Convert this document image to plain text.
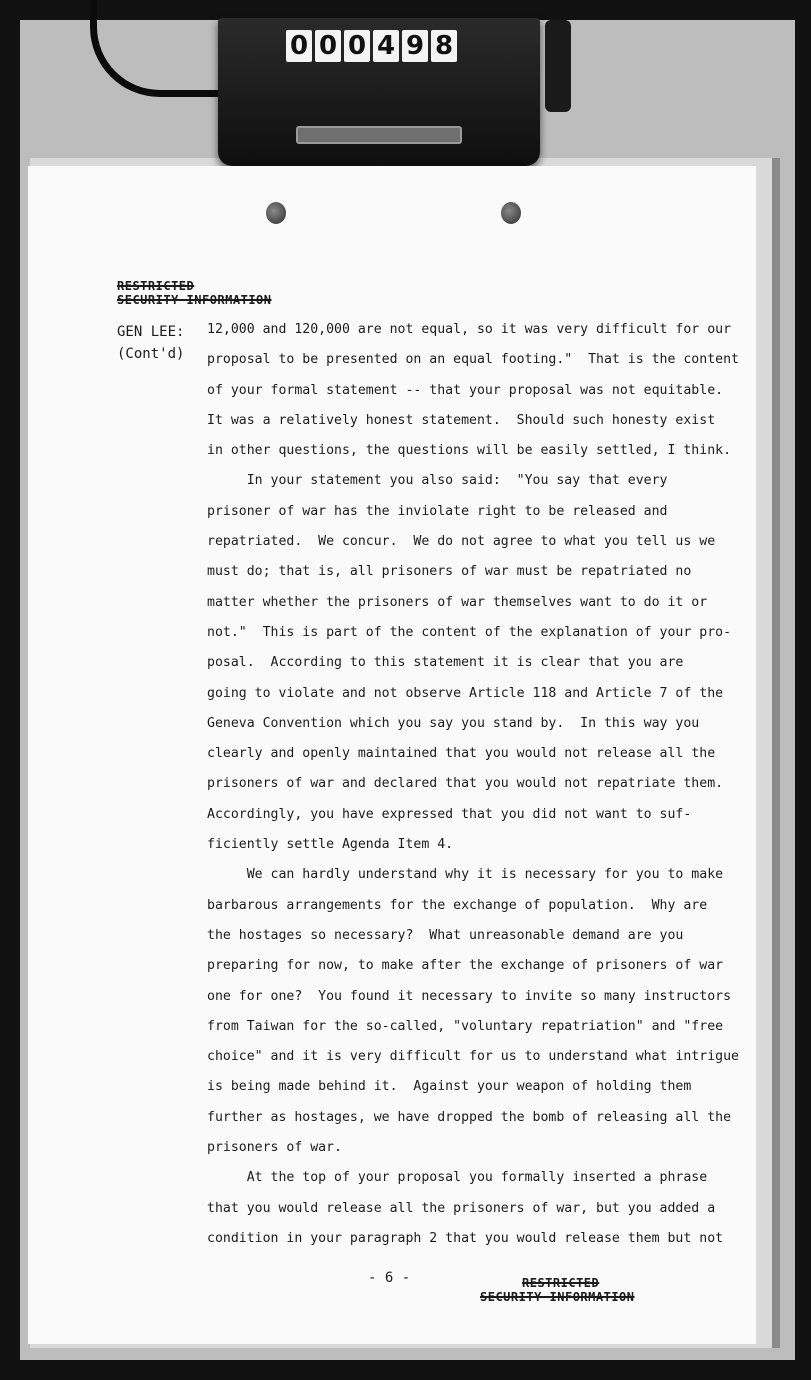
0 0 0 4 9 8
RESTRICTED
SECURITY INFORMATION
GEN LEE:
(Cont'd)
12,000 and 120,000 are not equal, so it was very difficult for our
proposal to be presented on an equal footing."  That is the content
of your formal statement -- that your proposal was not equitable.
It was a relatively honest statement.  Should such honesty exist
in other questions, the questions will be easily settled, I think.
In your statement you also said:  "You say that every
prisoner of war has the inviolate right to be released and
repatriated.  We concur.  We do not agree to what you tell us we
must do; that is, all prisoners of war must be repatriated no
matter whether the prisoners of war themselves want to do it or
not."  This is part of the content of the explanation of your pro-
posal.  According to this statement it is clear that you are
going to violate and not observe Article 118 and Article 7 of the
Geneva Convention which you say you stand by.  In this way you
clearly and openly maintained that you would not release all the
prisoners of war and declared that you would not repatriate them.
Accordingly, you have expressed that you did not want to suf-
ficiently settle Agenda Item 4.
We can hardly understand why it is necessary for you to make
barbarous arrangements for the exchange of population.  Why are
the hostages so necessary?  What unreasonable demand are you
preparing for now, to make after the exchange of prisoners of war
one for one?  You found it necessary to invite so many instructors
from Taiwan for the so-called, "voluntary repatriation" and "free
choice" and it is very difficult for us to understand what intrigue
is being made behind it.  Against your weapon of holding them
further as hostages, we have dropped the bomb of releasing all the
prisoners of war.
At the top of your proposal you formally inserted a phrase
that you would release all the prisoners of war, but you added a
condition in your paragraph 2 that you would release them but not
- 6 -	RESTRICTED
SECURITY INFORMATION
